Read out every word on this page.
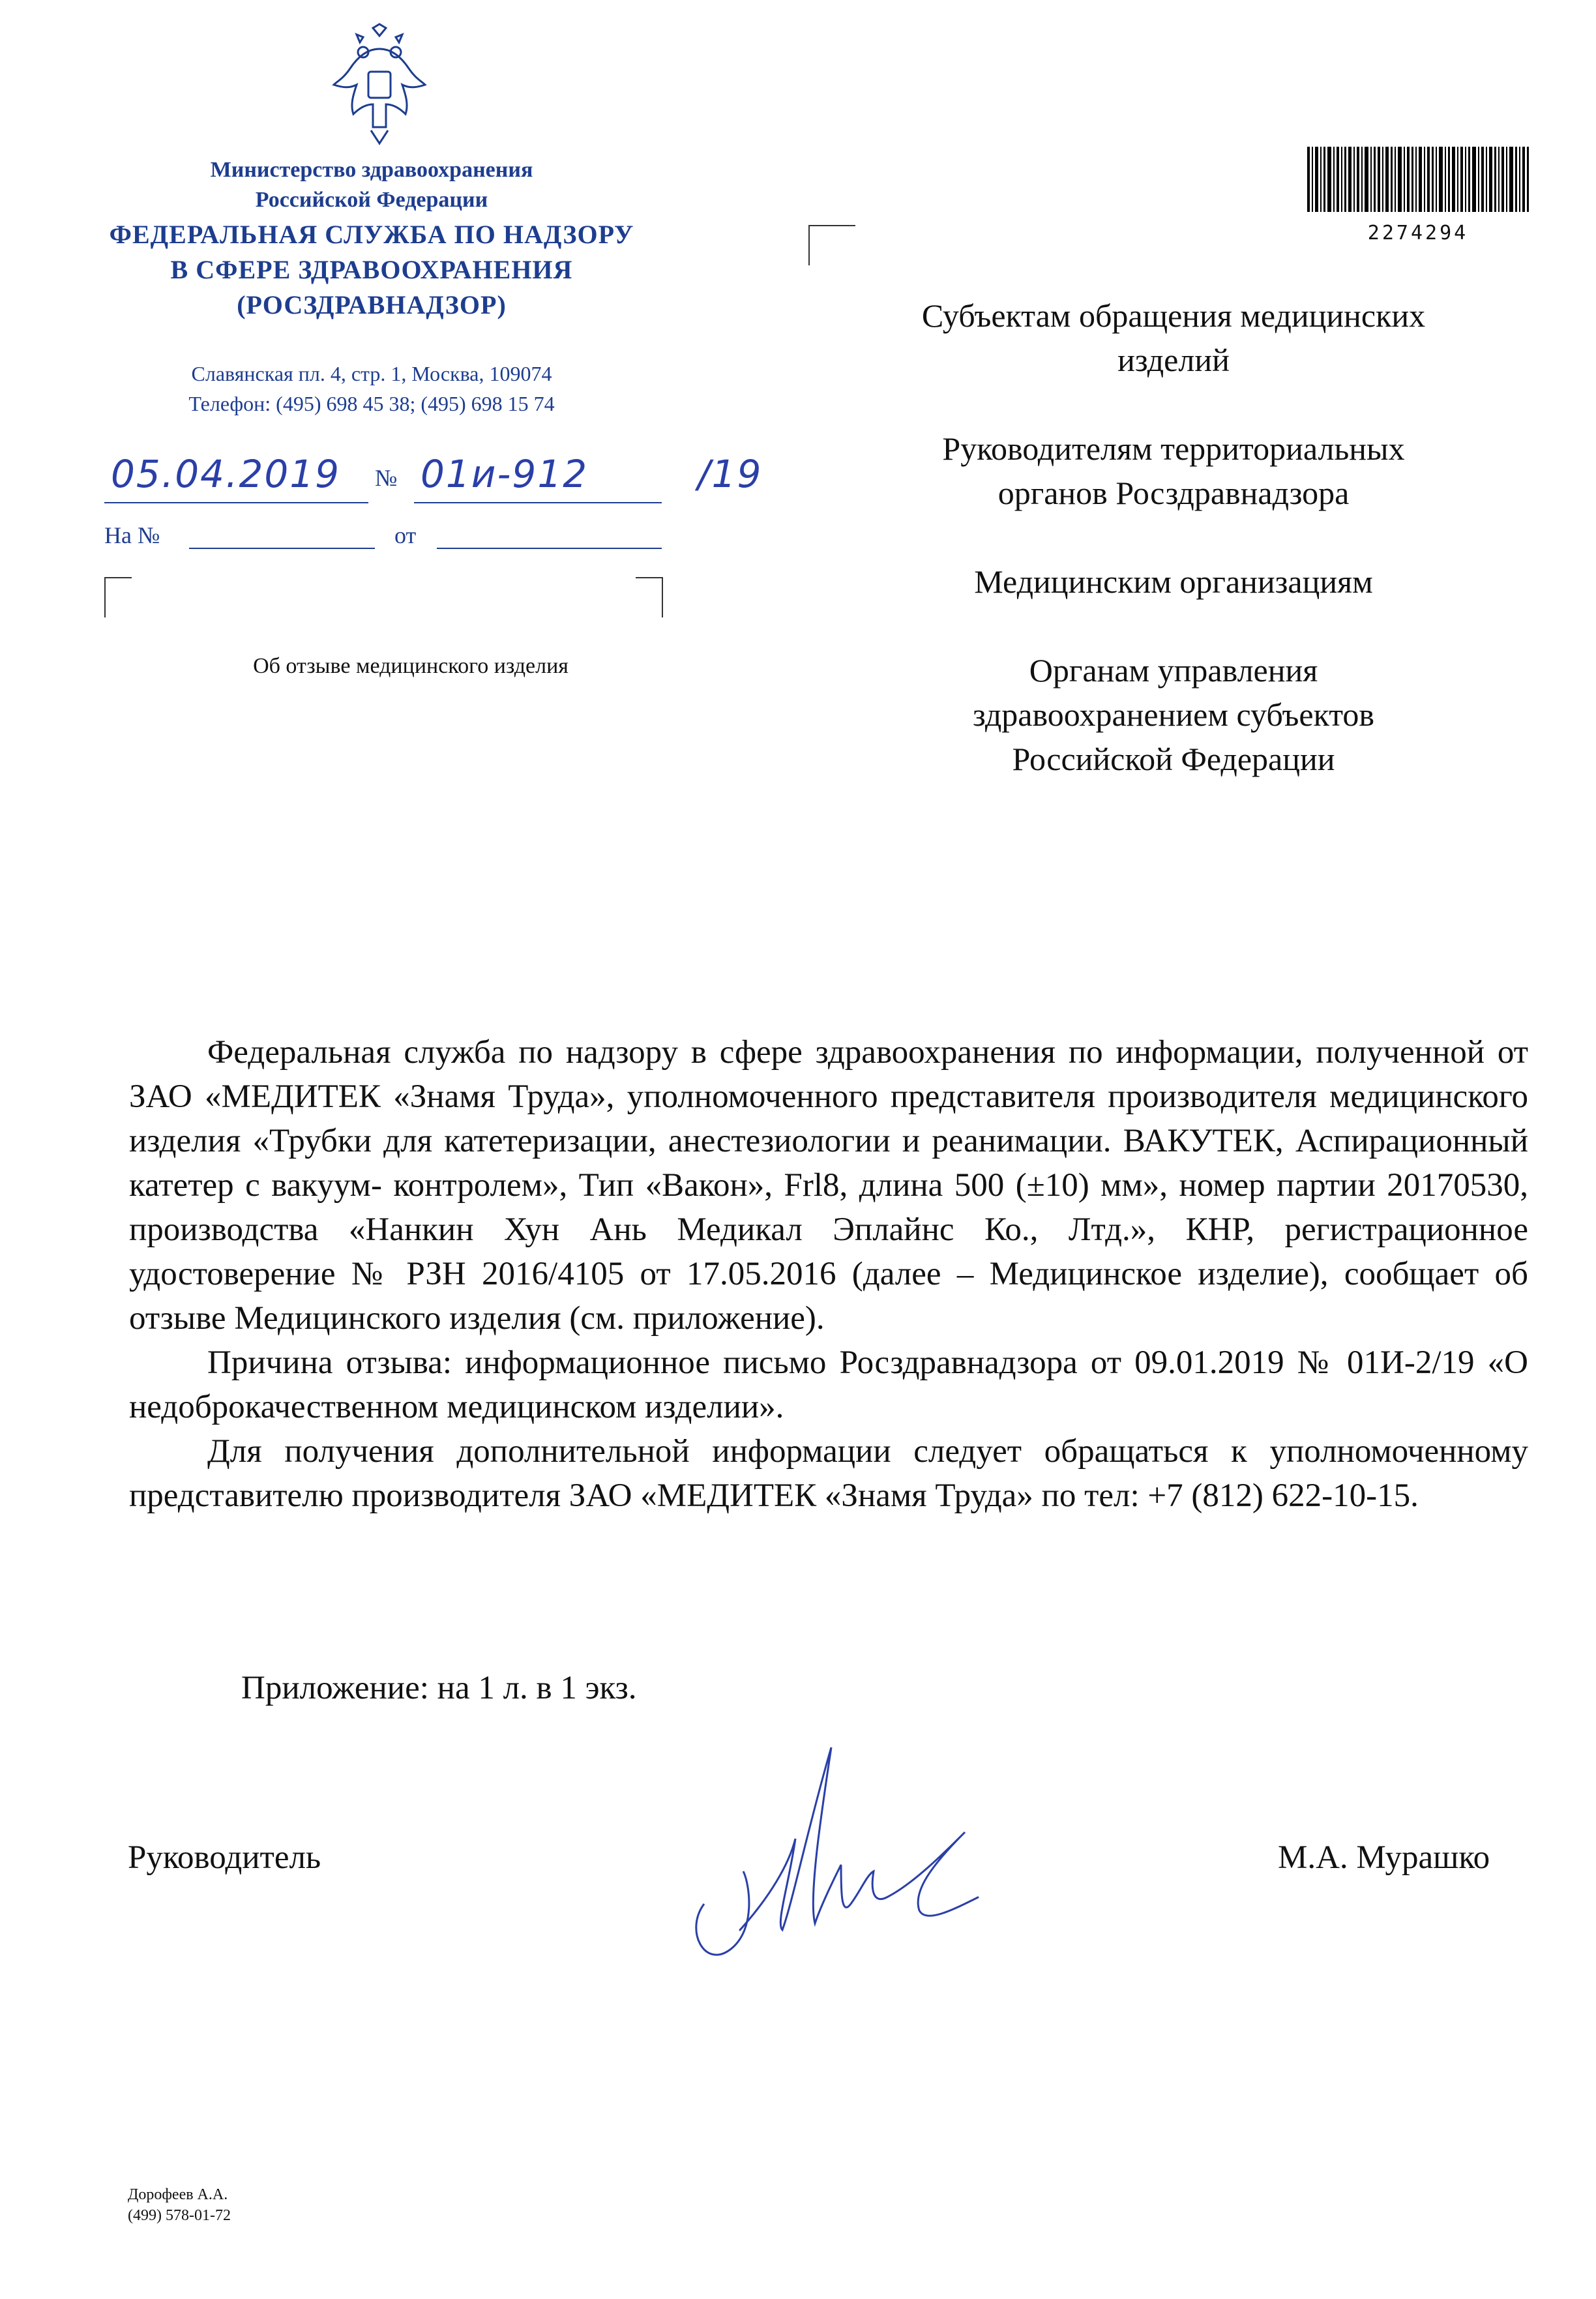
Министерство здравоохранения
Российской Федерации
ФЕДЕРАЛЬНАЯ СЛУЖБА ПО НАДЗОРУ
В СФЕРЕ ЗДРАВООХРАНЕНИЯ
(РОСЗДРАВНАДЗОР)
Славянская пл. 4, стр. 1, Москва, 109074
Телефон: (495) 698 45 38; (495) 698 15 74
05.04.2019 № 01и-912	/19
На №	от
Об отзыве медицинского изделия
2274294

Субъектам обращения медицинских изделий

Руководителям территориальных органов Росздравнадзора

Медицинским организациям

Органам управления здравоохранением субъектов Российской Федерации

Федеральная служба по надзору в сфере здравоохранения по информации, полученной от ЗАО «МЕДИТЕК «Знамя Труда», уполномоченного представителя производителя медицинского изделия «Трубки для катетеризации, анестезиологии и реанимации. ВАКУТЕК, Аспирационный катетер с вакуум- контролем», Тип «Вакон», Frl8, длина 500 (±10) мм», номер партии 20170530, производства «Нанкин Хун Ань Медикал Эплайнс Ко., Лтд.», КНР, регистрационное удостоверение № РЗН 2016/4105 от 17.05.2016 (далее – Медицинское изделие), сообщает об отзыве Медицинского изделия (см. приложение).

Причина отзыва: информационное письмо Росздравнадзора от 09.01.2019 № 01И-2/19 «О недоброкачественном медицинском изделии».

Для получения дополнительной информации следует обращаться к уполномоченному представителю производителя ЗАО «МЕДИТЕК «Знамя Труда» по тел: +7 (812) 622-10-15.

Приложение: на 1 л. в 1 экз.
Руководитель	М.А. Мурашко
Дорофеев А.А.
(499) 578-01-72
